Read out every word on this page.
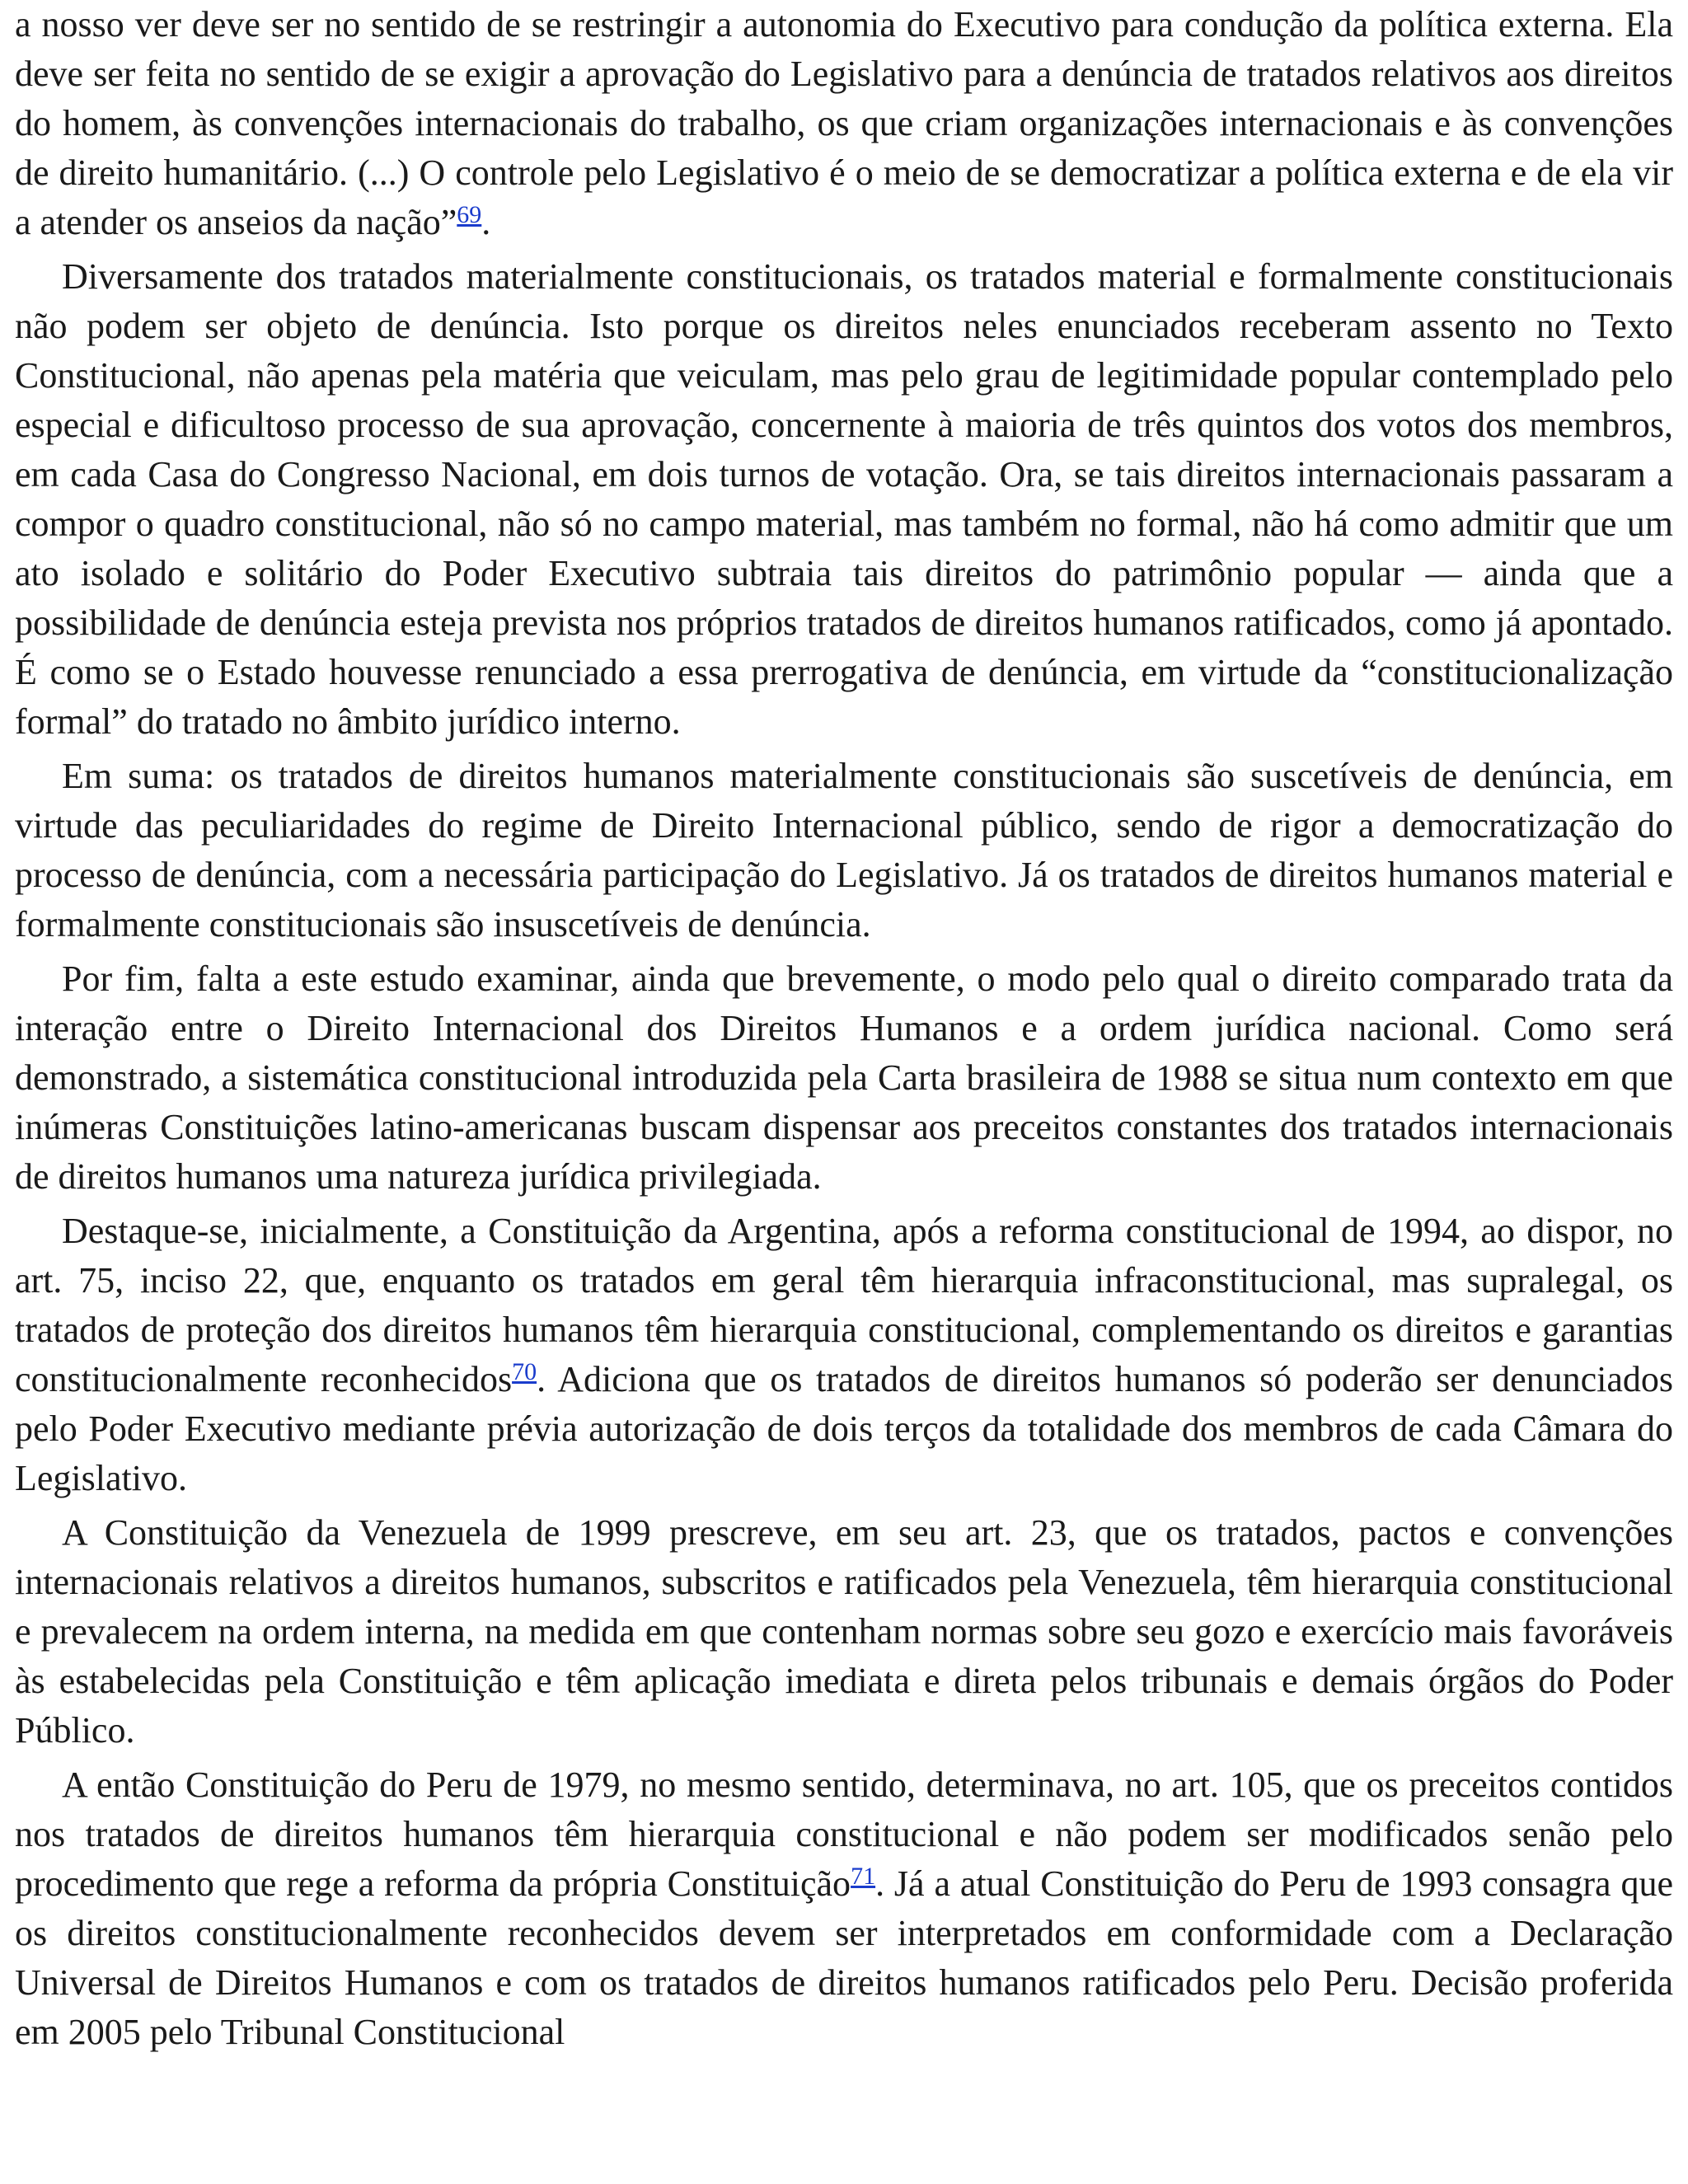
a nosso ver deve ser no sentido de se restringir a autonomia do Executivo para condução da política externa. Ela deve ser feita no sentido de se exigir a aprovação do Legislativo para a denúncia de tratados relativos aos direitos do homem, às convenções internacionais do trabalho, os que criam organizações internacionais e às convenções de direito humanitário. (...) O controle pelo Legislativo é o meio de se democratizar a política externa e de ela vir a atender os anseios da nação”$^{69}$.

Diversamente dos tratados materialmente constitucionais, os tratados material e formalmente constitucionais não podem ser objeto de denúncia. Isto porque os direitos neles enunciados receberam assento no Texto Constitucional, não apenas pela matéria que veiculam, mas pelo grau de legitimidade popular contemplado pelo especial e dificultoso processo de sua aprovação, concernente à maioria de três quintos dos votos dos membros, em cada Casa do Congresso Nacional, em dois turnos de votação. Ora, se tais direitos internacionais passaram a compor o quadro constitucional, não só no campo material, mas também no formal, não há como admitir que um ato isolado e solitário do Poder Executivo subtraia tais direitos do patrimônio popular — ainda que a possibilidade de denúncia esteja prevista nos próprios tratados de direitos humanos ratificados, como já apontado. É como se o Estado houvesse renunciado a essa prerrogativa de denúncia, em virtude da “constitucionalização formal” do tratado no âmbito jurídico interno.

Em suma: os tratados de direitos humanos materialmente constitucionais são suscetíveis de denúncia, em virtude das peculiaridades do regime de Direito Internacional público, sendo de rigor a democratização do processo de denúncia, com a necessária participação do Legislativo. Já os tratados de direitos humanos material e formalmente constitucionais são insuscetíveis de denúncia.

Por fim, falta a este estudo examinar, ainda que brevemente, o modo pelo qual o direito comparado trata da interação entre o Direito Internacional dos Direitos Humanos e a ordem jurídica nacional. Como será demonstrado, a sistemática constitucional introduzida pela Carta brasileira de 1988 se situa num contexto em que inúmeras Constituições latino-americanas buscam dispensar aos preceitos constantes dos tratados internacionais de direitos humanos uma natureza jurídica privilegiada.

Destaque-se, inicialmente, a Constituição da Argentina, após a reforma constitucional de 1994, ao dispor, no art. 75, inciso 22, que, enquanto os tratados em geral têm hierarquia infraconstitucional, mas supralegal, os tratados de proteção dos direitos humanos têm hierarquia constitucional, complementando os direitos e garantias constitucionalmente reconhecidos$^{70}$. Adiciona que os tratados de direitos humanos só poderão ser denunciados pelo Poder Executivo mediante prévia autorização de dois terços da totalidade dos membros de cada Câmara do Legislativo.

A Constituição da Venezuela de 1999 prescreve, em seu art. 23, que os tratados, pactos e convenções internacionais relativos a direitos humanos, subscritos e ratificados pela Venezuela, têm hierarquia constitucional e prevalecem na ordem interna, na medida em que contenham normas sobre seu gozo e exercício mais favoráveis às estabelecidas pela Constituição e têm aplicação imediata e direta pelos tribunais e demais órgãos do Poder Público.

A então Constituição do Peru de 1979, no mesmo sentido, determinava, no art. 105, que os preceitos contidos nos tratados de direitos humanos têm hierarquia constitucional e não podem ser modificados senão pelo procedimento que rege a reforma da própria Constituição$^{71}$. Já a atual Constituição do Peru de 1993 consagra que os direitos constitucionalmente reconhecidos devem ser interpretados em conformidade com a Declaração Universal de Direitos Humanos e com os tratados de direitos humanos ratificados pelo Peru. Decisão proferida em 2005 pelo Tribunal Constitucional
